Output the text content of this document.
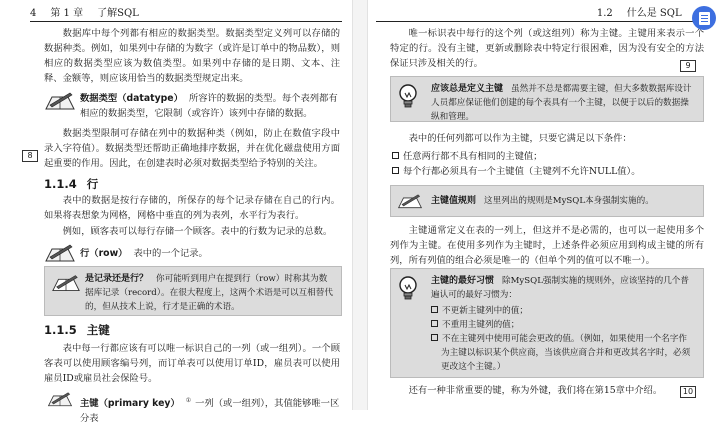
4 第 1 章 了解SQL
8

数据库中每个列都有相应的数据类型。数据类型定义列可以存储的数据种类。例如，如果列中存储的为数字（或许是订单中的物品数），则相应的数据类型应该为数值类型。如果列中存储的是日期、文本、注释、金额等，则应该用恰当的数据类型规定出来。

数据类型（datatype） 所容许的数据的类型。每个表列都有相应的数据类型，它限制（或容许）该列中存储的数据。

数据类型限制可存储在列中的数据种类（例如，防止在数值字段中录入字符值）。数据类型还帮助正确地排序数据，并在优化磁盘使用方面起重要的作用。因此，在创建表时必须对数据类型给予特别的关注。

1.1.4 行

表中的数据是按行存储的，所保存的每个记录存储在自己的行内。如果将表想象为网格，网格中垂直的列为表列，水平行为表行。

例如，顾客表可以每行存储一个顾客。表中的行数为记录的总数。

行（row） 表中的一个记录。
是记录还是行？ 你可能听到用户在提到行（row）时称其为数据库记录（record）。在很大程度上，这两个术语是可以互相替代的，但从技术上说，行才是正确的术语。
1.1.5 主键

表中每一行都应该有可以唯一标识自己的一列（或一组列）。一个顾客表可以使用顾客编号列，而订单表可以使用订单ID，雇员表可以使用雇员ID或雇员社会保险号。

主键（primary key） ① 一列（或一组列），其值能够唯一区分表
1.2 什么是 SQL

唯一标识表中每行的这个列（或这组列）称为主键。主键用来表示一个特定的行。没有主键，更新或删除表中特定行很困难，因为没有安全的方法保证只涉及相关的行。

应该总是定义主键 虽然并不总是都需要主键，但大多数数据库设计人员都应保证他们创建的每个表具有一个主键，以便于以后的数据操纵和管理。

表中的任何列都可以作为主键，只要它满足以下条件：

任意两行都不具有相同的主键值；
每个行都必须具有一个主键值（主键列不允许NULL值）。
主键值规则 这里列出的规则是MySQL本身强制实施的。

主键通常定义在表的一列上，但这并不是必需的，也可以一起使用多个列作为主键。在使用多列作为主键时，上述条件必须应用到构成主键的所有列，所有列值的组合必须是唯一的（但单个列的值可以不唯一）。

主键的最好习惯 除MySQL强制实施的规则外，应该坚持的几个普遍认可的最好习惯为：
不更新主键列中的值；
不重用主键列的值；
不在主键列中使用可能会更改的值。（例如，如果使用一个名字作为主键以标识某个供应商，当该供应商合并和更改其名字时，必须更改这个主键。）

还有一种非常重要的键，称为外键，我们将在第15章中介绍。

9
10
